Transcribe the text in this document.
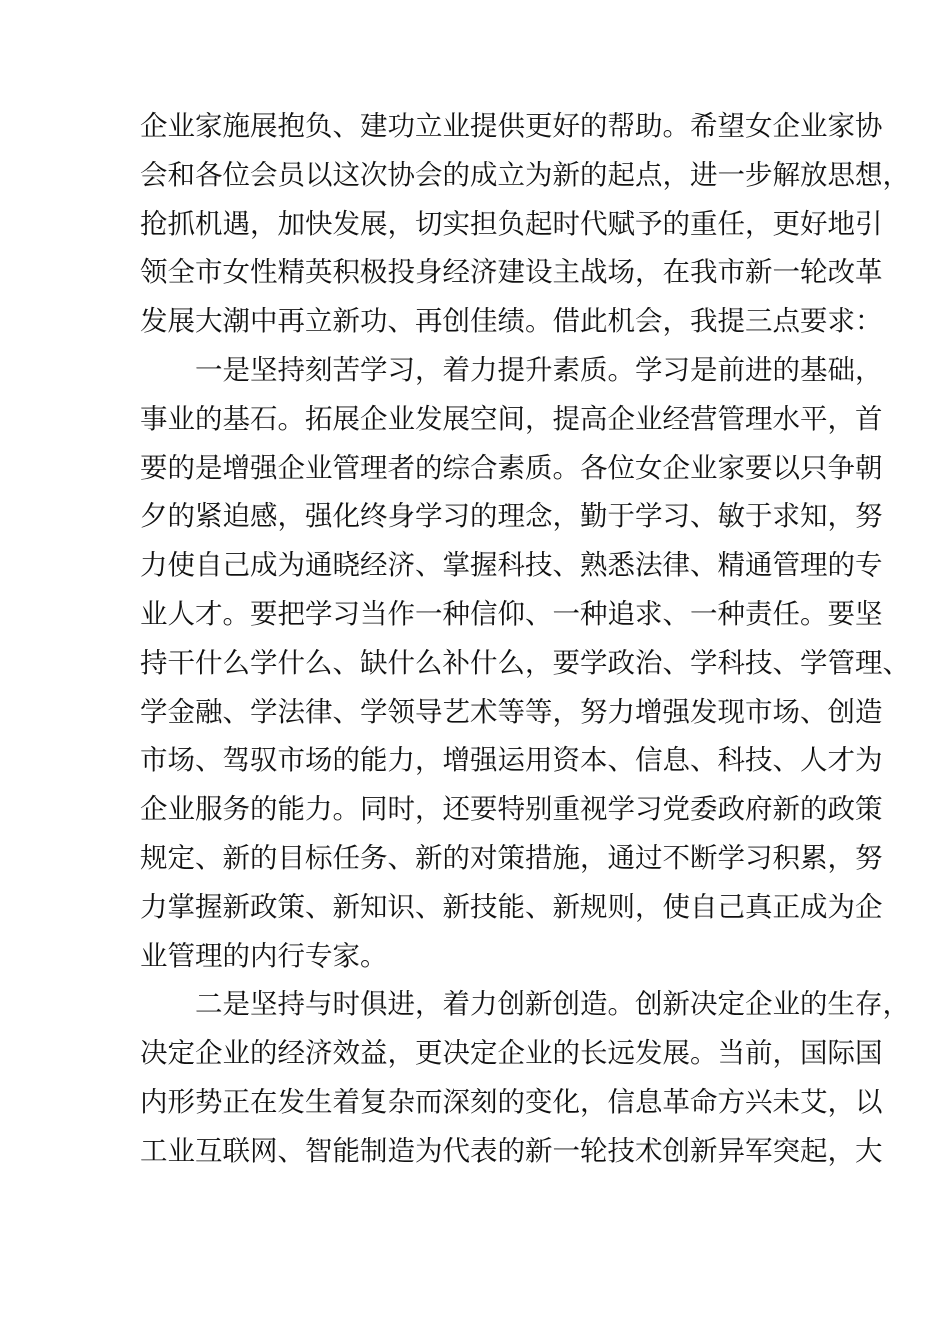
企业家施展抱负、建功立业提供更好的帮助。希望女企业家协
会和各位会员以这次协会的成立为新的起点，进一步解放思想，
抢抓机遇，加快发展，切实担负起时代赋予的重任，更好地引
领全市女性精英积极投身经济建设主战场，在我市新一轮改革
发展大潮中再立新功、再创佳绩。借此机会，我提三点要求：
一是坚持刻苦学习，着力提升素质。学习是前进的基础，
事业的基石。拓展企业发展空间，提高企业经营管理水平，首
要的是增强企业管理者的综合素质。各位女企业家要以只争朝
夕的紧迫感，强化终身学习的理念，勤于学习、敏于求知，努
力使自己成为通晓经济、掌握科技、熟悉法律、精通管理的专
业人才。要把学习当作一种信仰、一种追求、一种责任。要坚
持干什么学什么、缺什么补什么，要学政治、学科技、学管理、
学金融、学法律、学领导艺术等等，努力增强发现市场、创造
市场、驾驭市场的能力，增强运用资本、信息、科技、人才为
企业服务的能力。同时，还要特别重视学习党委政府新的政策
规定、新的目标任务、新的对策措施，通过不断学习积累，努
力掌握新政策、新知识、新技能、新规则，使自己真正成为企
业管理的内行专家。
二是坚持与时俱进，着力创新创造。创新决定企业的生存，
决定企业的经济效益，更决定企业的长远发展。当前，国际国
内形势正在发生着复杂而深刻的变化，信息革命方兴未艾，以
工业互联网、智能制造为代表的新一轮技术创新异军突起，大
